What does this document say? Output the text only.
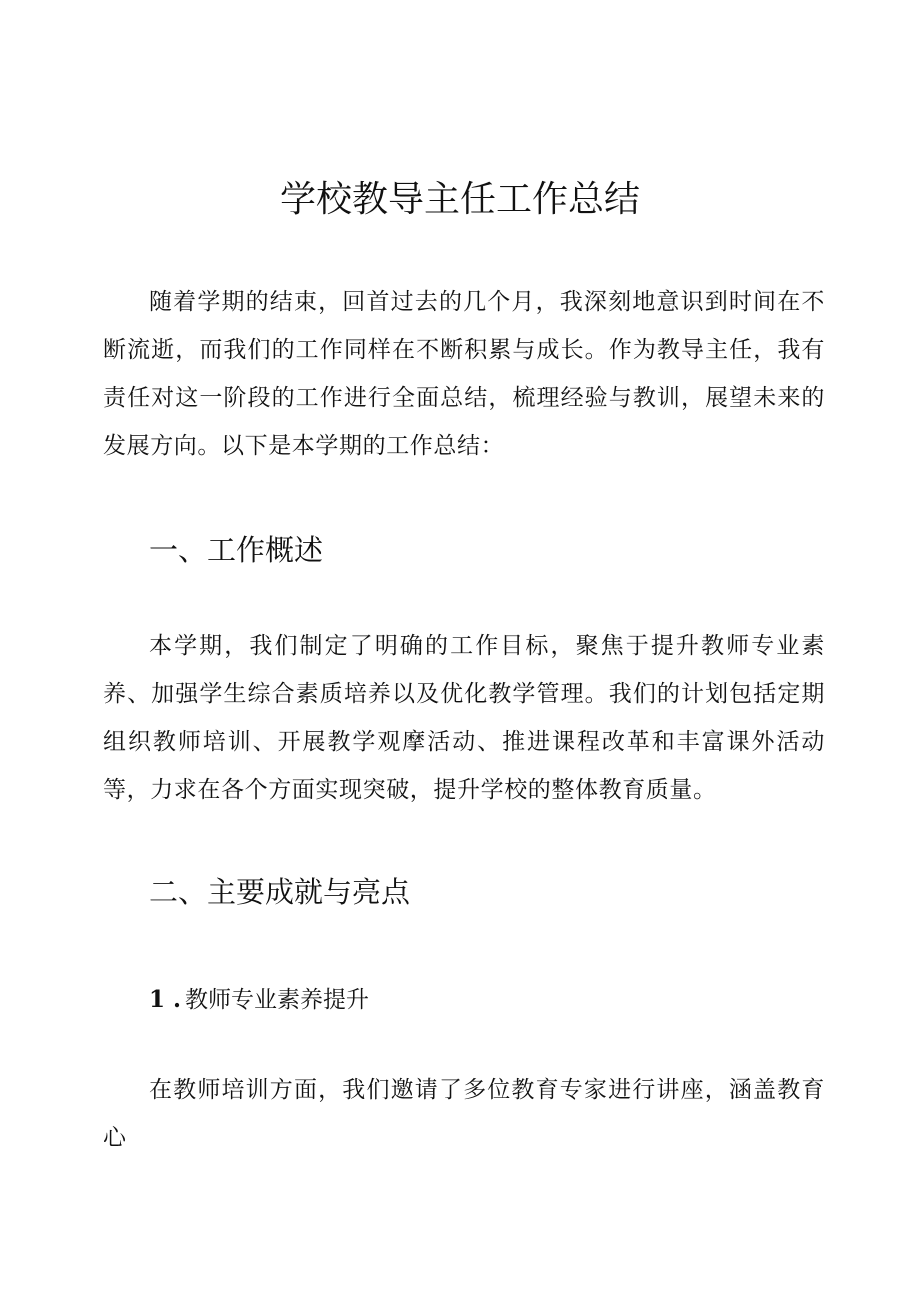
学校教导主任工作总结

随着学期的结束，回首过去的几个月，我深刻地意识到时间在不断流逝，而我们的工作同样在不断积累与成长。作为教导主任，我有责任对这一阶段的工作进行全面总结，梳理经验与教训，展望未来的发展方向。以下是本学期的工作总结：

一、工作概述

本学期，我们制定了明确的工作目标，聚焦于提升教师专业素养、加强学生综合素质培养以及优化教学管理。我们的计划包括定期组织教师培训、开展教学观摩活动、推进课程改革和丰富课外活动等，力求在各个方面实现突破，提升学校的整体教育质量。

二、主要成就与亮点
1 . 教师专业素养提升

在教师培训方面，我们邀请了多位教育专家进行讲座，涵盖教育心
